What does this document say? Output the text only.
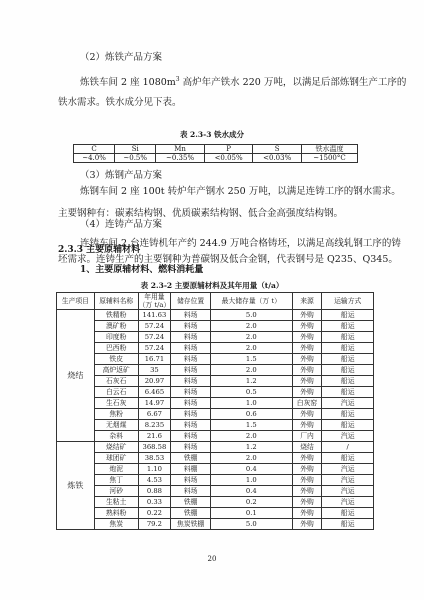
（2）炼铁产品方案
炼铁车间 2 座 $1080m^3$ 高炉年产铁水 220 万吨，以满足后部炼钢生产工序的
铁水需求。铁水成分见下表。
表 2.3-3 铁水成分
C	Si	Mn	P	S	铁水温度
~4.0%	~0.5%	~0.35%	<0.05%	<0.03%	~1500°C
（3）炼钢产品方案
炼钢车间 2 座 100t 转炉年产钢水 250 万吨，以满足连铸工序的钢水需求。
主要钢种有：碳素结构钢、优质碳素结构钢、低合金高强度结构钢。
（4）连铸产品方案
连铸车间 2 台连铸机年产约 244.9 万吨合格铸坯，以满足高线轧钢工序的铸
坯需求。连铸生产的主要钢种为普碳钢及低合金钢，代表钢号是 Q235、Q345。
2.3.3 主要原辅材料
1、主要原辅材料、燃料消耗量
表 2.3-2 主要原辅材料及其年用量（t/a）
生产项目	原辅料名称	年用量
（万 t/a）	储存位置	最大储存量（万 t）	来源	运输方式
烧结	铁精粉	141.63	料场	5.0	外购	船运
	澳矿粉	57.24	料场	2.0	外购	船运
	印度粉	57.24	料场	2.0	外购	船运
	巴西粉	57.24	料场	2.0	外购	船运
	铁皮	16.71	料场	1.5	外购	船运
	高炉返矿	35	料场	2.0	外购	船运
	石灰石	20.97	料场	1.2	外购	船运
	白云石	6.465	料场	0.5	外购	船运
	生石灰	14.97	料场	1.0	白灰窑	汽运
	焦粉	6.67	料场	0.6	外购	船运
	无烟煤	8.235	料场	1.5	外购	船运
	杂料	21.6	料场	2.0	厂内	汽运
炼铁	烧结矿	368.58	料场	1.2	烧结	/
	球团矿	38.53	铁棚	2.0	外购	船运
	炮泥	1.10	料棚	0.4	外购	汽运
	焦丁	4.53	料场	1.0	外购	汽运
	河砂	0.88	料场	0.4	外购	汽运
	生粘土	0.33	铁棚	0.2	外购	汽运
	熟料粉	0.22	铁棚	0.1	外购	船运
	焦炭	79.2	焦炭铁棚	5.0	外购	船运
20
